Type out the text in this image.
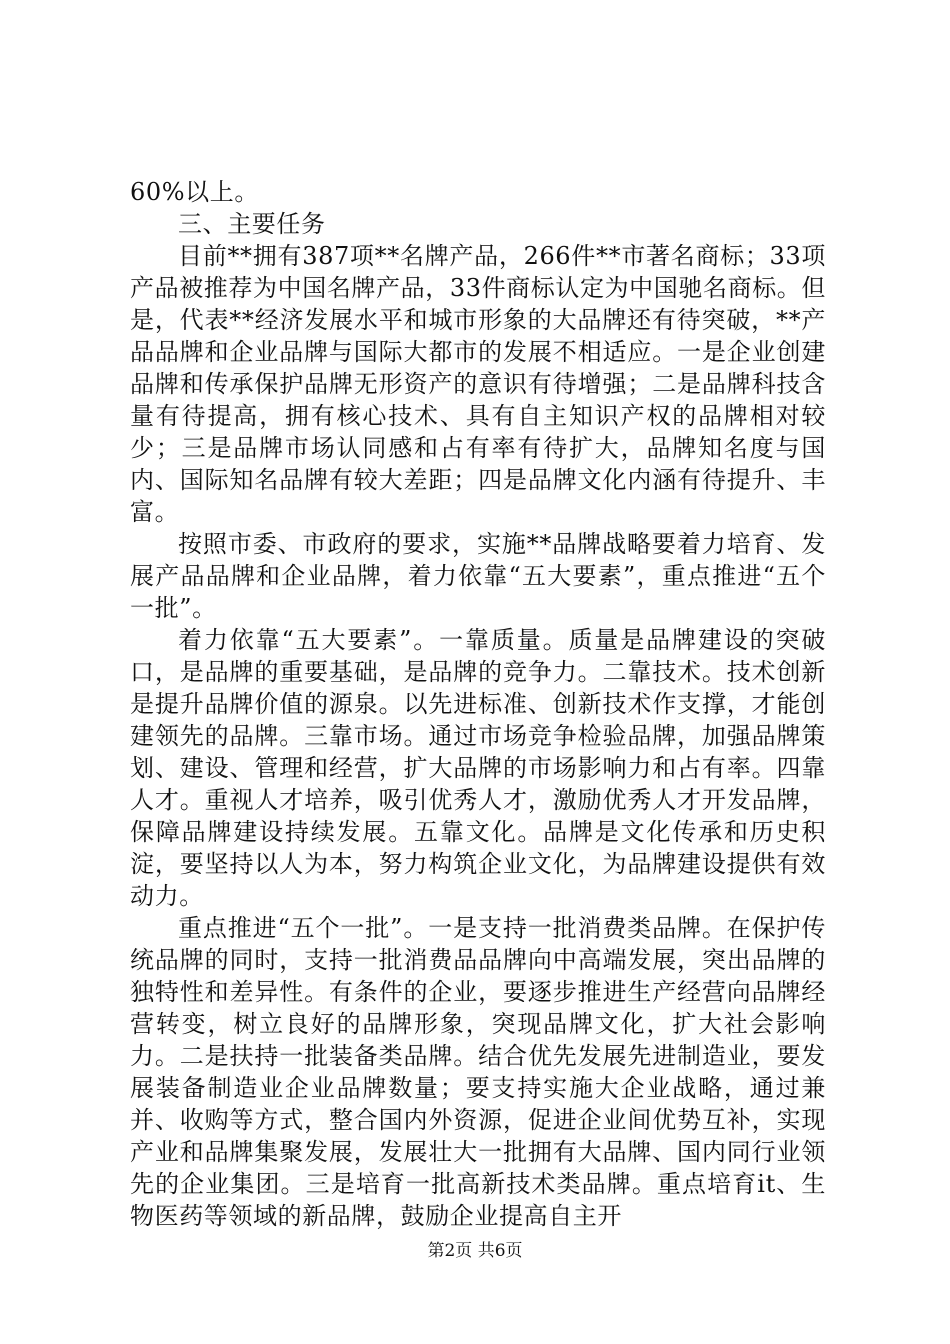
60%以上。

三、主要任务

目前**拥有387项**名牌产品，266件**市著名商标；33项产品被推荐为中国名牌产品，33件商标认定为中国驰名商标。但是，代表**经济发展水平和城市形象的大品牌还有待突破，**产品品牌和企业品牌与国际大都市的发展不相适应。一是企业创建品牌和传承保护品牌无形资产的意识有待增强；二是品牌科技含量有待提高，拥有核心技术、具有自主知识产权的品牌相对较少；三是品牌市场认同感和占有率有待扩大，品牌知名度与国内、国际知名品牌有较大差距；四是品牌文化内涵有待提升、丰富。

按照市委、市政府的要求，实施**品牌战略要着力培育、发展产品品牌和企业品牌，着力依靠“五大要素”，重点推进“五个一批”。

着力依靠“五大要素”。一靠质量。质量是品牌建设的突破口，是品牌的重要基础，是品牌的竞争力。二靠技术。技术创新是提升品牌价值的源泉。以先进标准、创新技术作支撑，才能创建领先的品牌。三靠市场。通过市场竞争检验品牌，加强品牌策划、建设、管理和经营，扩大品牌的市场影响力和占有率。四靠人才。重视人才培养，吸引优秀人才，激励优秀人才开发品牌，保障品牌建设持续发展。五靠文化。品牌是文化传承和历史积淀，要坚持以人为本，努力构筑企业文化，为品牌建设提供有效动力。

重点推进“五个一批”。一是支持一批消费类品牌。在保护传统品牌的同时，支持一批消费品品牌向中高端发展，突出品牌的独特性和差异性。有条件的企业，要逐步推进生产经营向品牌经营转变，树立良好的品牌形象，突现品牌文化，扩大社会影响力。二是扶持一批装备类品牌。结合优先发展先进制造业，要发展装备制造业企业品牌数量；要支持实施大企业战略，通过兼并、收购等方式，整合国内外资源，促进企业间优势互补，实现产业和品牌集聚发展，发展壮大一批拥有大品牌、国内同行业领先的企业集团。三是培育一批高新技术类品牌。重点培育it、生物医药等领域的新品牌，鼓励企业提高自主开

第2页 共6页
